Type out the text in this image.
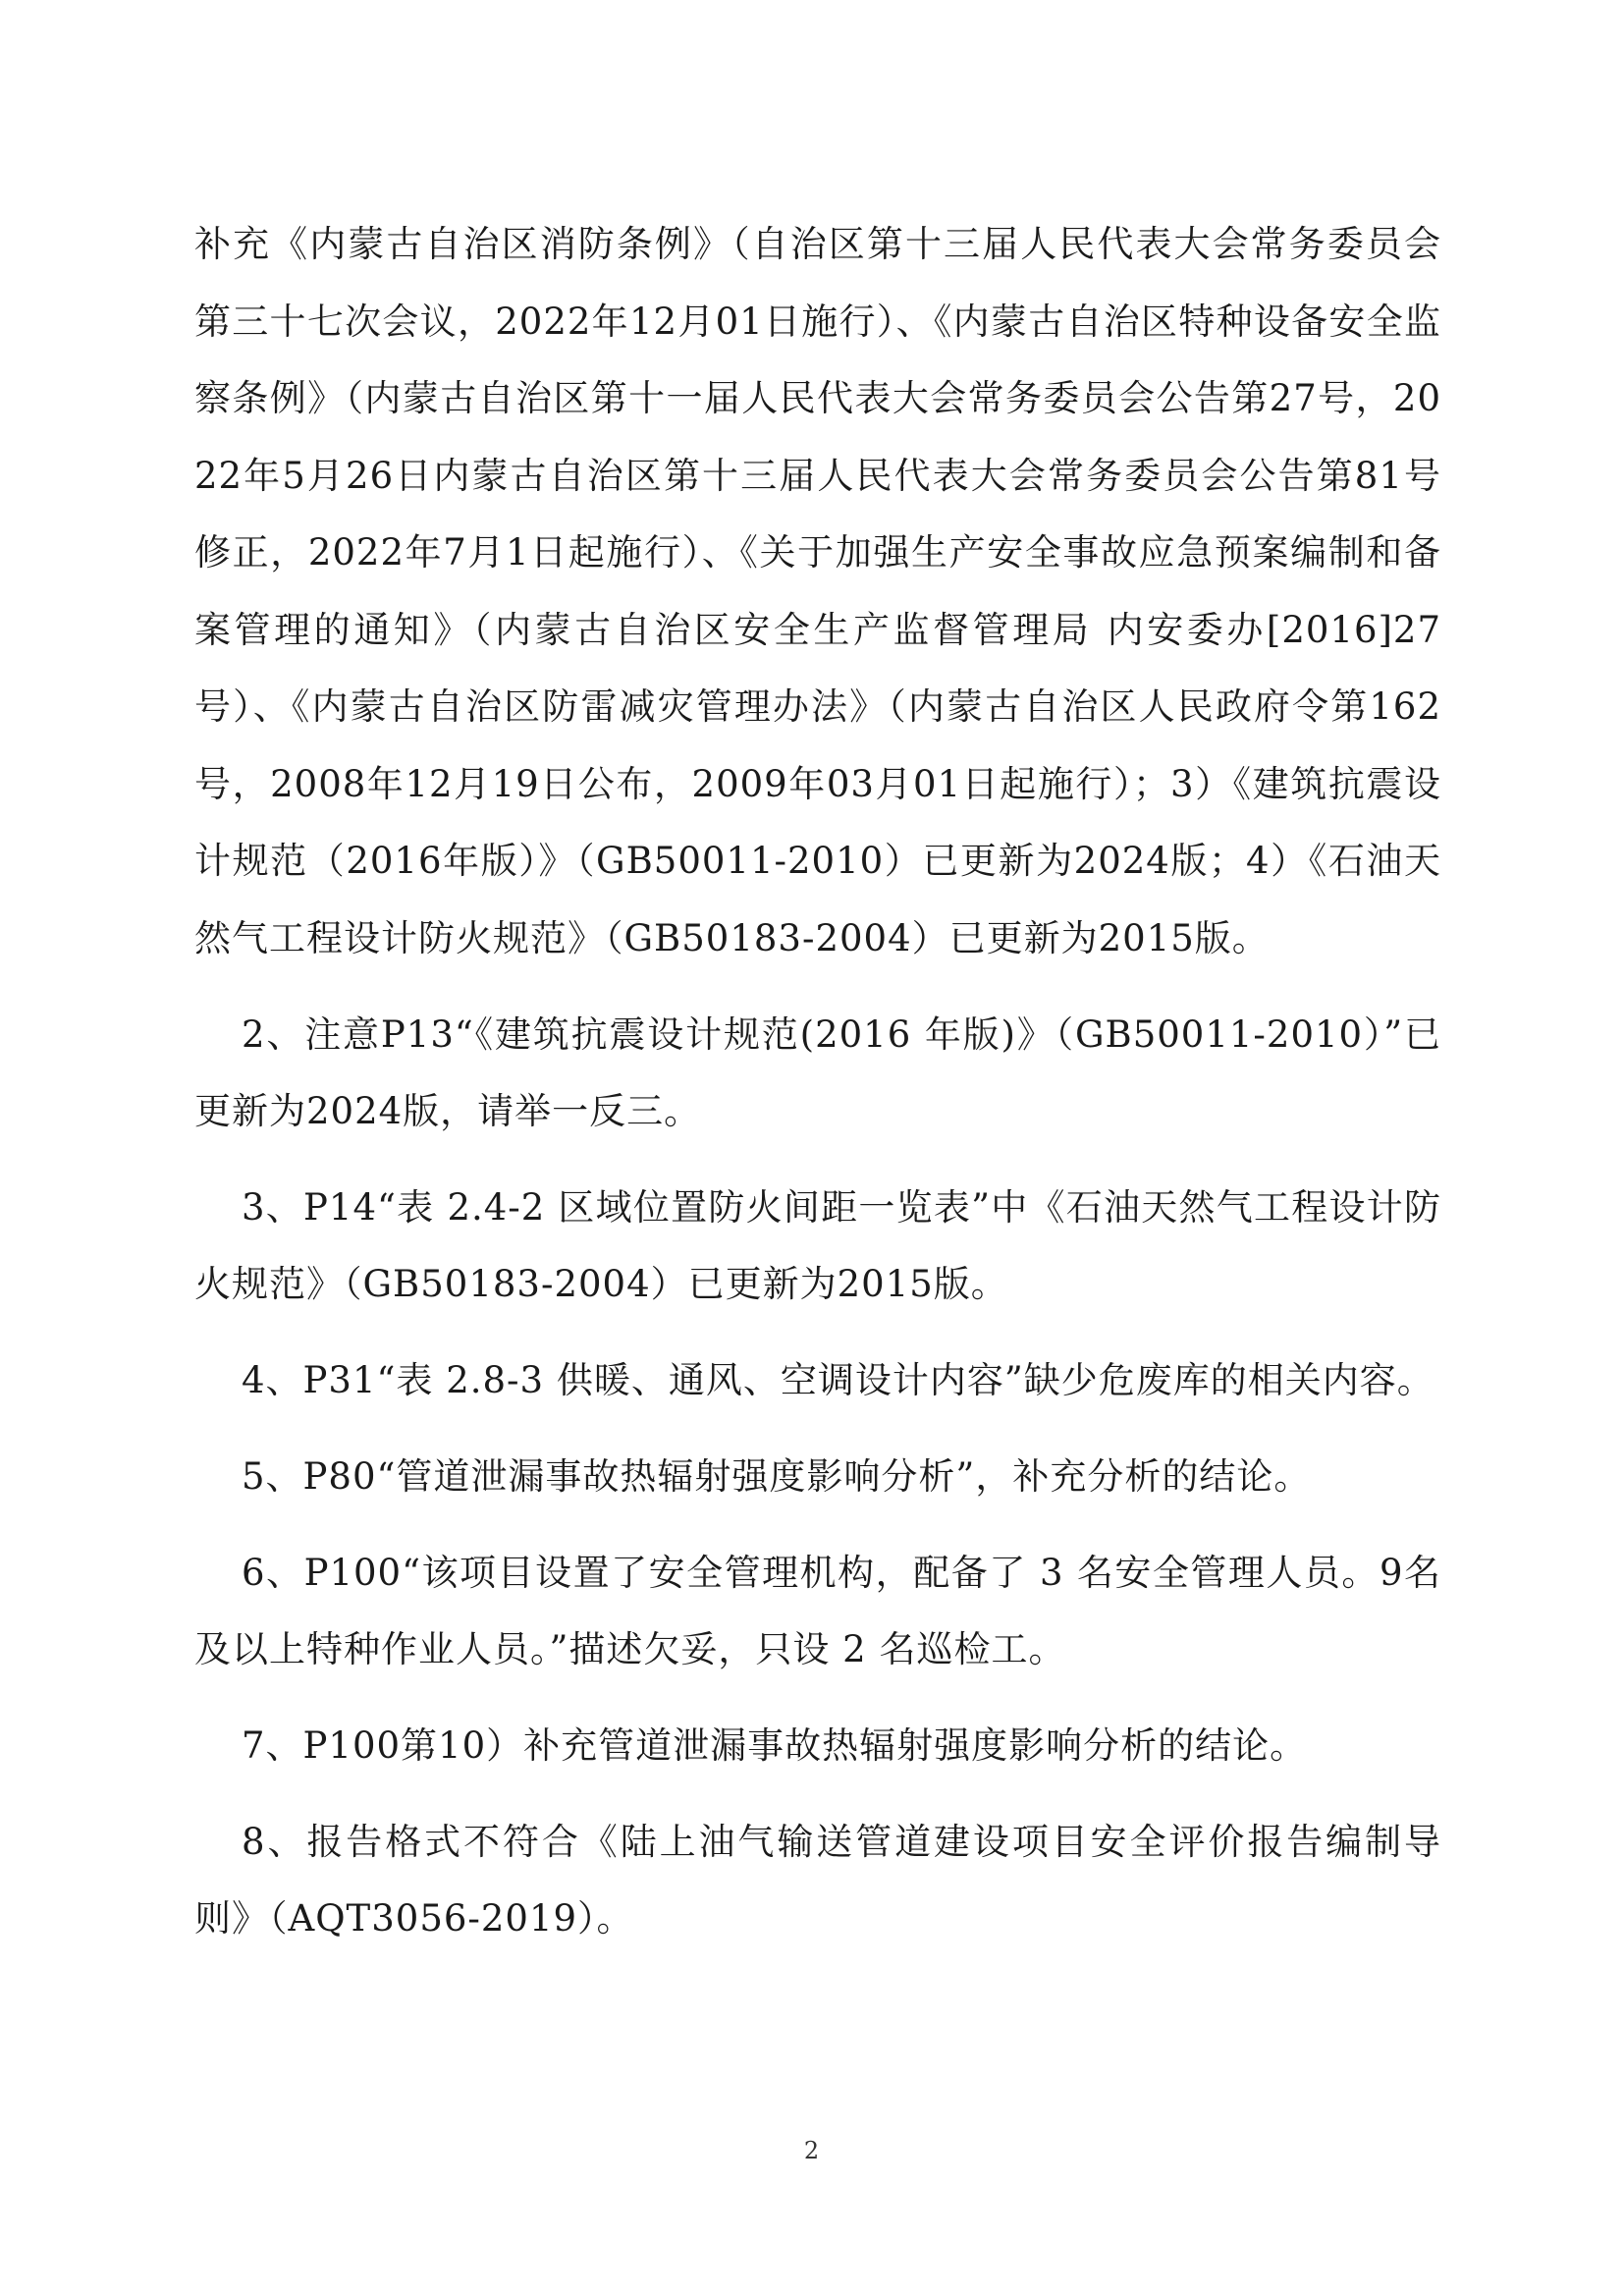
补充《内蒙古自治区消防条例》（自治区第十三届人民代表大会常务委员会第三十七次会议，2022年12月01日施行）、《内蒙古自治区特种设备安全监察条例》（内蒙古自治区第十一届人民代表大会常务委员会公告第27号，2022年5月26日内蒙古自治区第十三届人民代表大会常务委员会公告第81号修正，2022年7月1日起施行）、《关于加强生产安全事故应急预案编制和备案管理的通知》（内蒙古自治区安全生产监督管理局 内安委办[2016]27号）、《内蒙古自治区防雷减灾管理办法》（内蒙古自治区人民政府令第162号，2008年12月19日公布，2009年03月01日起施行）；3）《建筑抗震设计规范（2016年版）》（GB50011-2010）已更新为2024版；4）《石油天然气工程设计防火规范》（GB50183-2004）已更新为2015版。

2、注意P13“《建筑抗震设计规范(2016 年版)》（GB50011-2010）”已更新为2024版，请举一反三。

3、P14“表 2.4-2 区域位置防火间距一览表”中《石油天然气工程设计防火规范》（GB50183-2004）已更新为2015版。

4、P31“表 2.8-3 供暖、通风、空调设计内容”缺少危废库的相关内容。

5、P80“管道泄漏事故热辐射强度影响分析”，补充分析的结论。

6、P100“该项目设置了安全管理机构，配备了 3 名安全管理人员。9名及以上特种作业人员。”描述欠妥，只设 2 名巡检工。

7、P100第10）补充管道泄漏事故热辐射强度影响分析的结论。

8、报告格式不符合《陆上油气输送管道建设项目安全评价报告编制导则》（AQT3056-2019）。

2
